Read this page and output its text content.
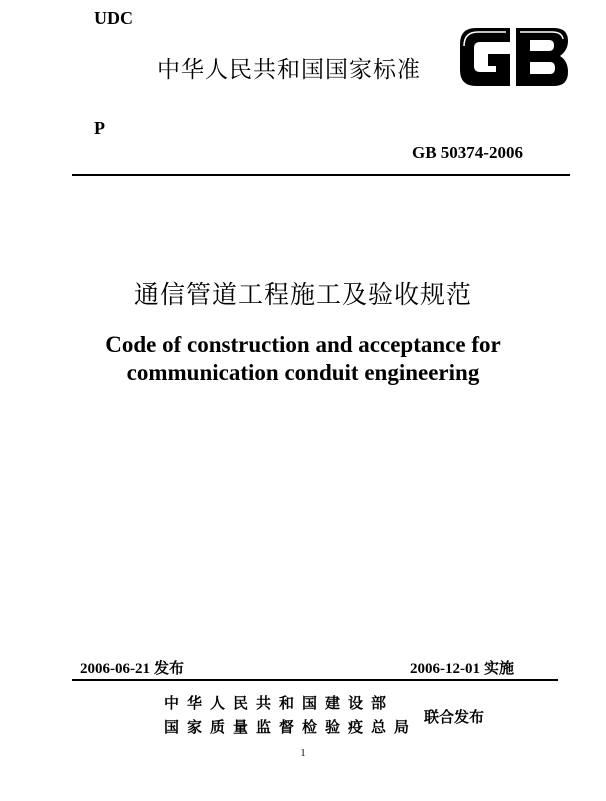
UDC
中华人民共和国国家标准
P
GB 50374-2006
通信管道工程施工及验收规范
Code of construction and acceptance for
communication conduit engineering
2006-06-21 发布	2006-12-01 实施
中华人民共和国建设部
国家质量监督检验疫总局
联合发布
1
